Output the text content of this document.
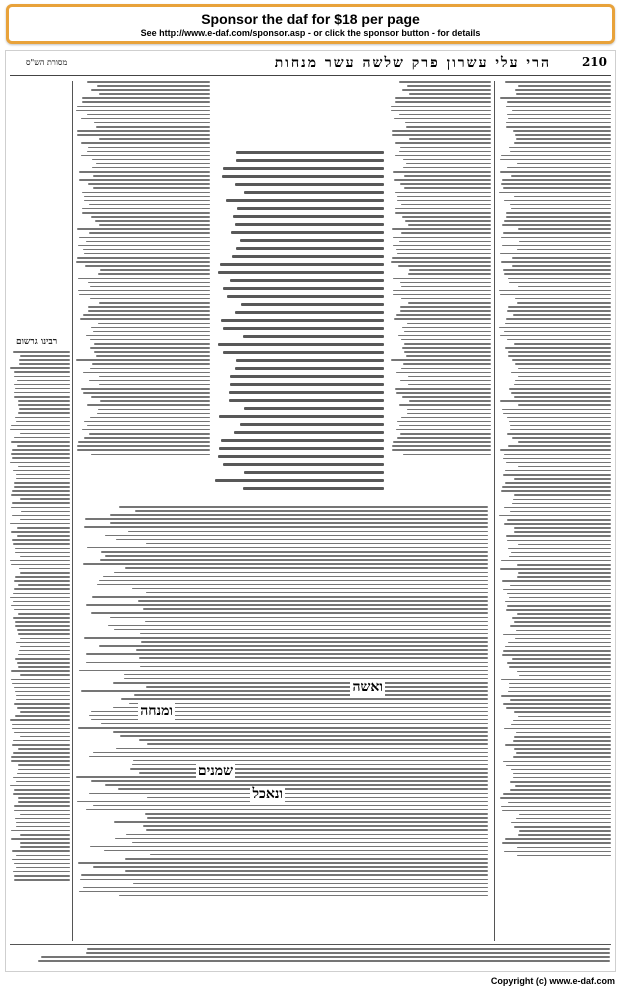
Sponsor the daf for $18 per page
See http://www.e-daf.com/sponsor.asp - or click the sponsor button - for details
210
הרי עלי עשרון פרק שלשה עשר מנחות
מסורת הש"ס
רבינו גרשום
ואשה
ומנחה
שמנים
ונאכל
Copyright (c) www.e-daf.com
